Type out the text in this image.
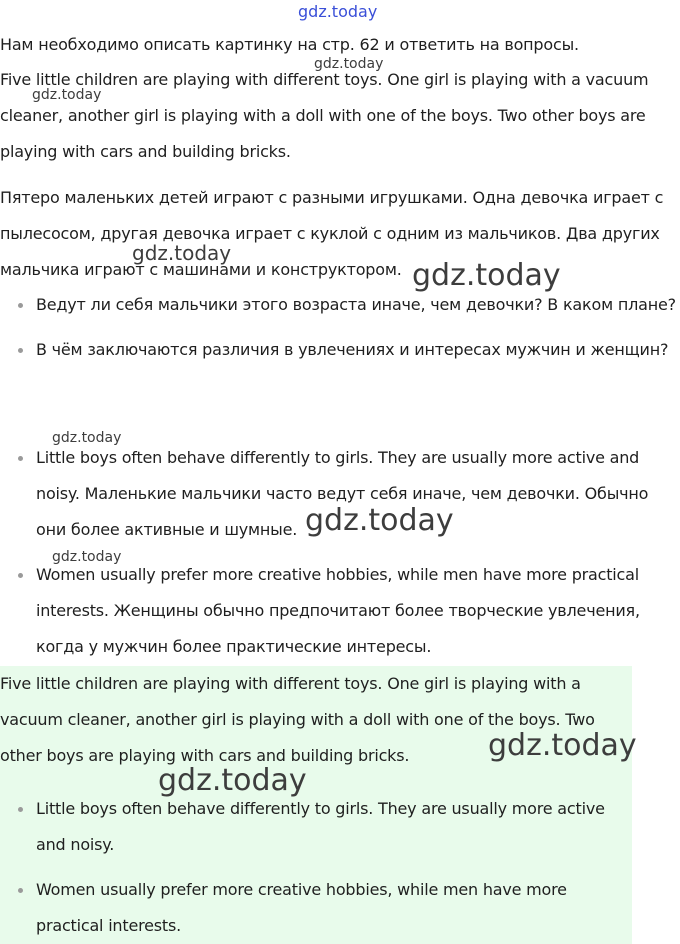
Нам необходимо описать картинку на стр. 62 и ответить на вопросы.

Five little children are playing with different toys. One girl is playing with a vacuum cleaner, another girl is playing with a doll with one of the boys. Two other boys are playing with cars and building bricks.

Пятеро маленьких детей играют с разными игрушками. Одна девочка играет с пылесосом, другая девочка играет с куклой с одним из мальчиков. Два других мальчика играют с машинами и конструктором.

Ведут ли себя мальчики этого возраста иначе, чем девочки? В каком плане?
В чём заключаются различия в увлечениях и интересах мужчин и женщин?
Little boys often behave differently to girls. They are usually more active and noisy. Маленькие мальчики часто ведут себя иначе, чем девочки. Обычно они более активные и шумные.
Women usually prefer more creative hobbies, while men have more practical interests. Женщины обычно предпочитают более творческие увлечения, когда у мужчин более практические интересы.

Five little children are playing with different toys. One girl is playing with a vacuum cleaner, another girl is playing with a doll with one of the boys. Two other boys are playing with cars and building bricks.

Little boys often behave differently to girls. They are usually more active and noisy.
Women usually prefer more creative hobbies, while men have more practical interests.
gdz.today
gdz.today
gdz.today
gdz.today
gdz.today
gdz.today
gdz.today
gdz.today
gdz.today
gdz.today
